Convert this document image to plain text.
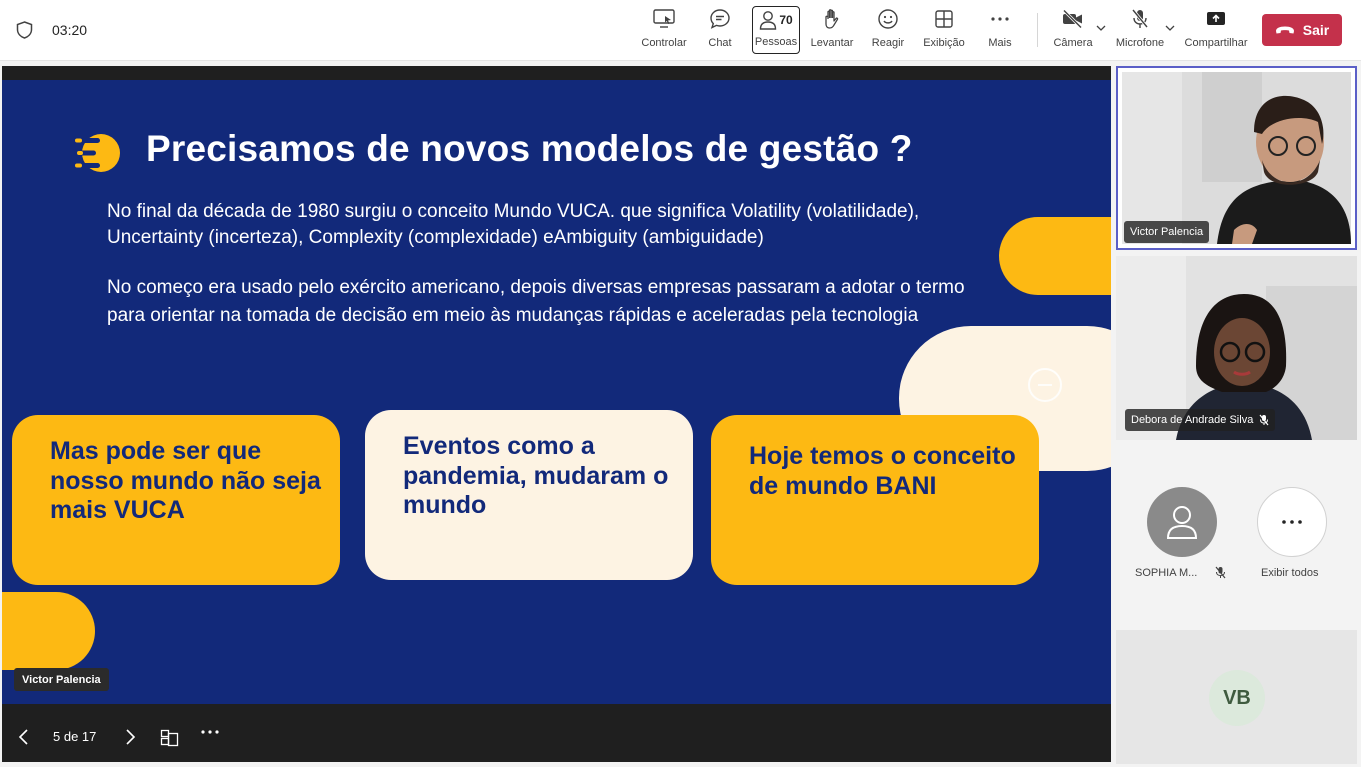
03:20
Controlar Chat
70
Pessoas Levantar Reagir Exibição Mais	Câmera Microfone Compartilhar
Sair
Precisamos de novos modelos de gestão ?
No final da década de 1980 surgiu o conceito Mundo VUCA. que significa Volatility (volatilidade), Uncertainty (incerteza), Complexity (complexidade) eAmbiguity (ambiguidade)
No começo era usado pelo exército americano, depois diversas empresas passaram a adotar o termo para orientar na tomada de decisão em meio às mudanças rápidas e aceleradas pela tecnologia
Mas pode ser que nosso mundo não seja mais VUCA
Eventos como a pandemia, mudaram o mundo
Hoje temos o conceito de mundo BANI
Victor Palencia
5 de 17
Victor Palencia
Debora de Andrade Silva
SOPHIA M...	Exibir todos
VB
